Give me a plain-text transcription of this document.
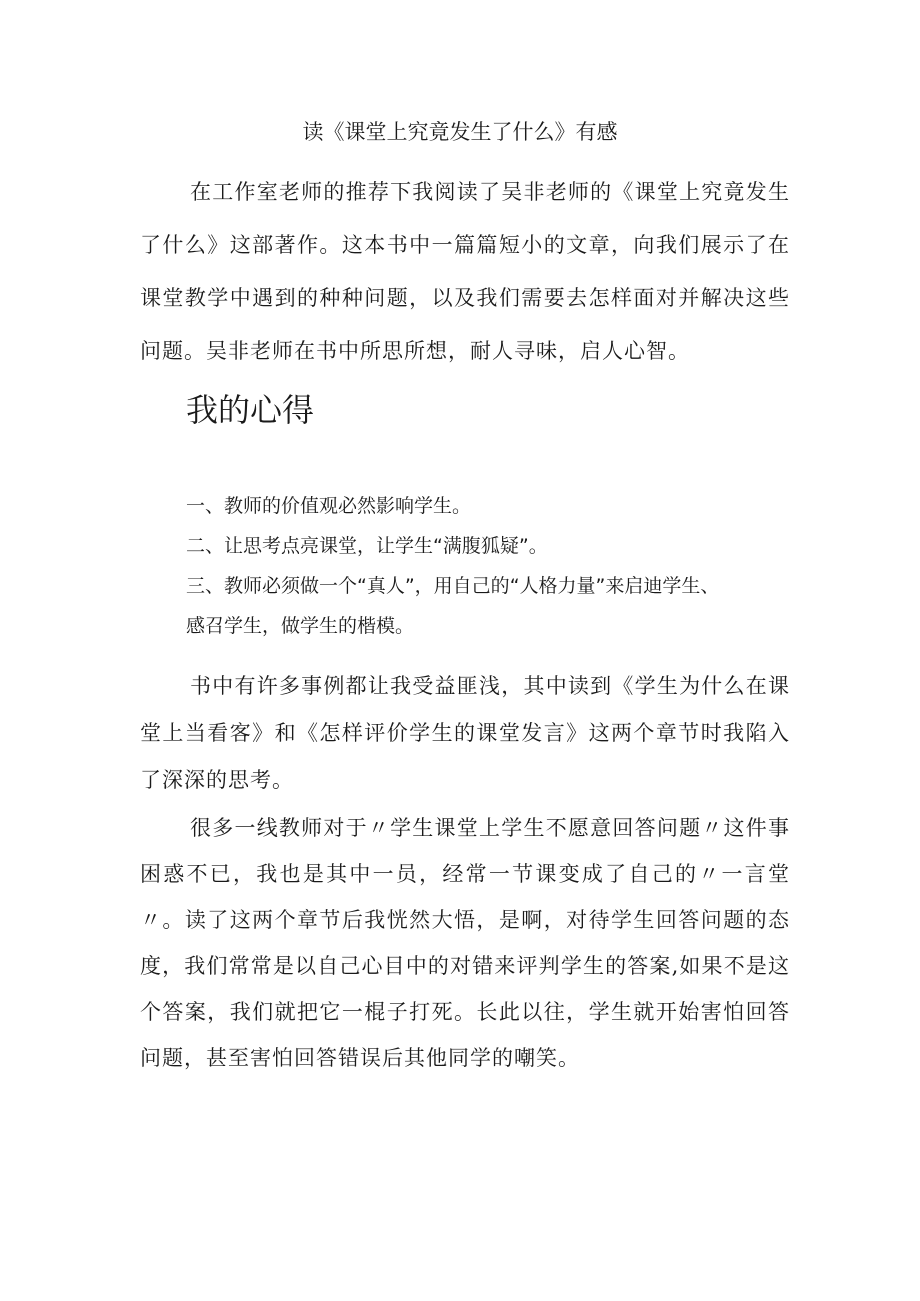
读《课堂上究竟发生了什么》有感

在工作室老师的推荐下我阅读了吴非老师的《课堂上究竟发生了什么》这部著作。这本书中一篇篇短小的文章，向我们展示了在课堂教学中遇到的种种问题，以及我们需要去怎样面对并解决这些问题。吴非老师在书中所思所想，耐人寻味，启人心智。

我的心得
一、教师的价值观必然影响学生。
二、让思考点亮课堂，让学生“满腹狐疑”。
三、教师必须做一个“真人”，用自己的“人格力量”来启迪学生、感召学生，做学生的楷模。

书中有许多事例都让我受益匪浅，其中读到《学生为什么在课堂上当看客》和《怎样评价学生的课堂发言》这两个章节时我陷入了深深的思考。

很多一线教师对于〃学生课堂上学生不愿意回答问题〃这件事困惑不已，我也是其中一员，经常一节课变成了自己的〃一言堂〃。读了这两个章节后我恍然大悟，是啊，对待学生回答问题的态度，我们常常是以自己心目中的对错来评判学生的答案,如果不是这个答案，我们就把它一棍子打死。长此以往，学生就开始害怕回答问题，甚至害怕回答错误后其他同学的嘲笑。
